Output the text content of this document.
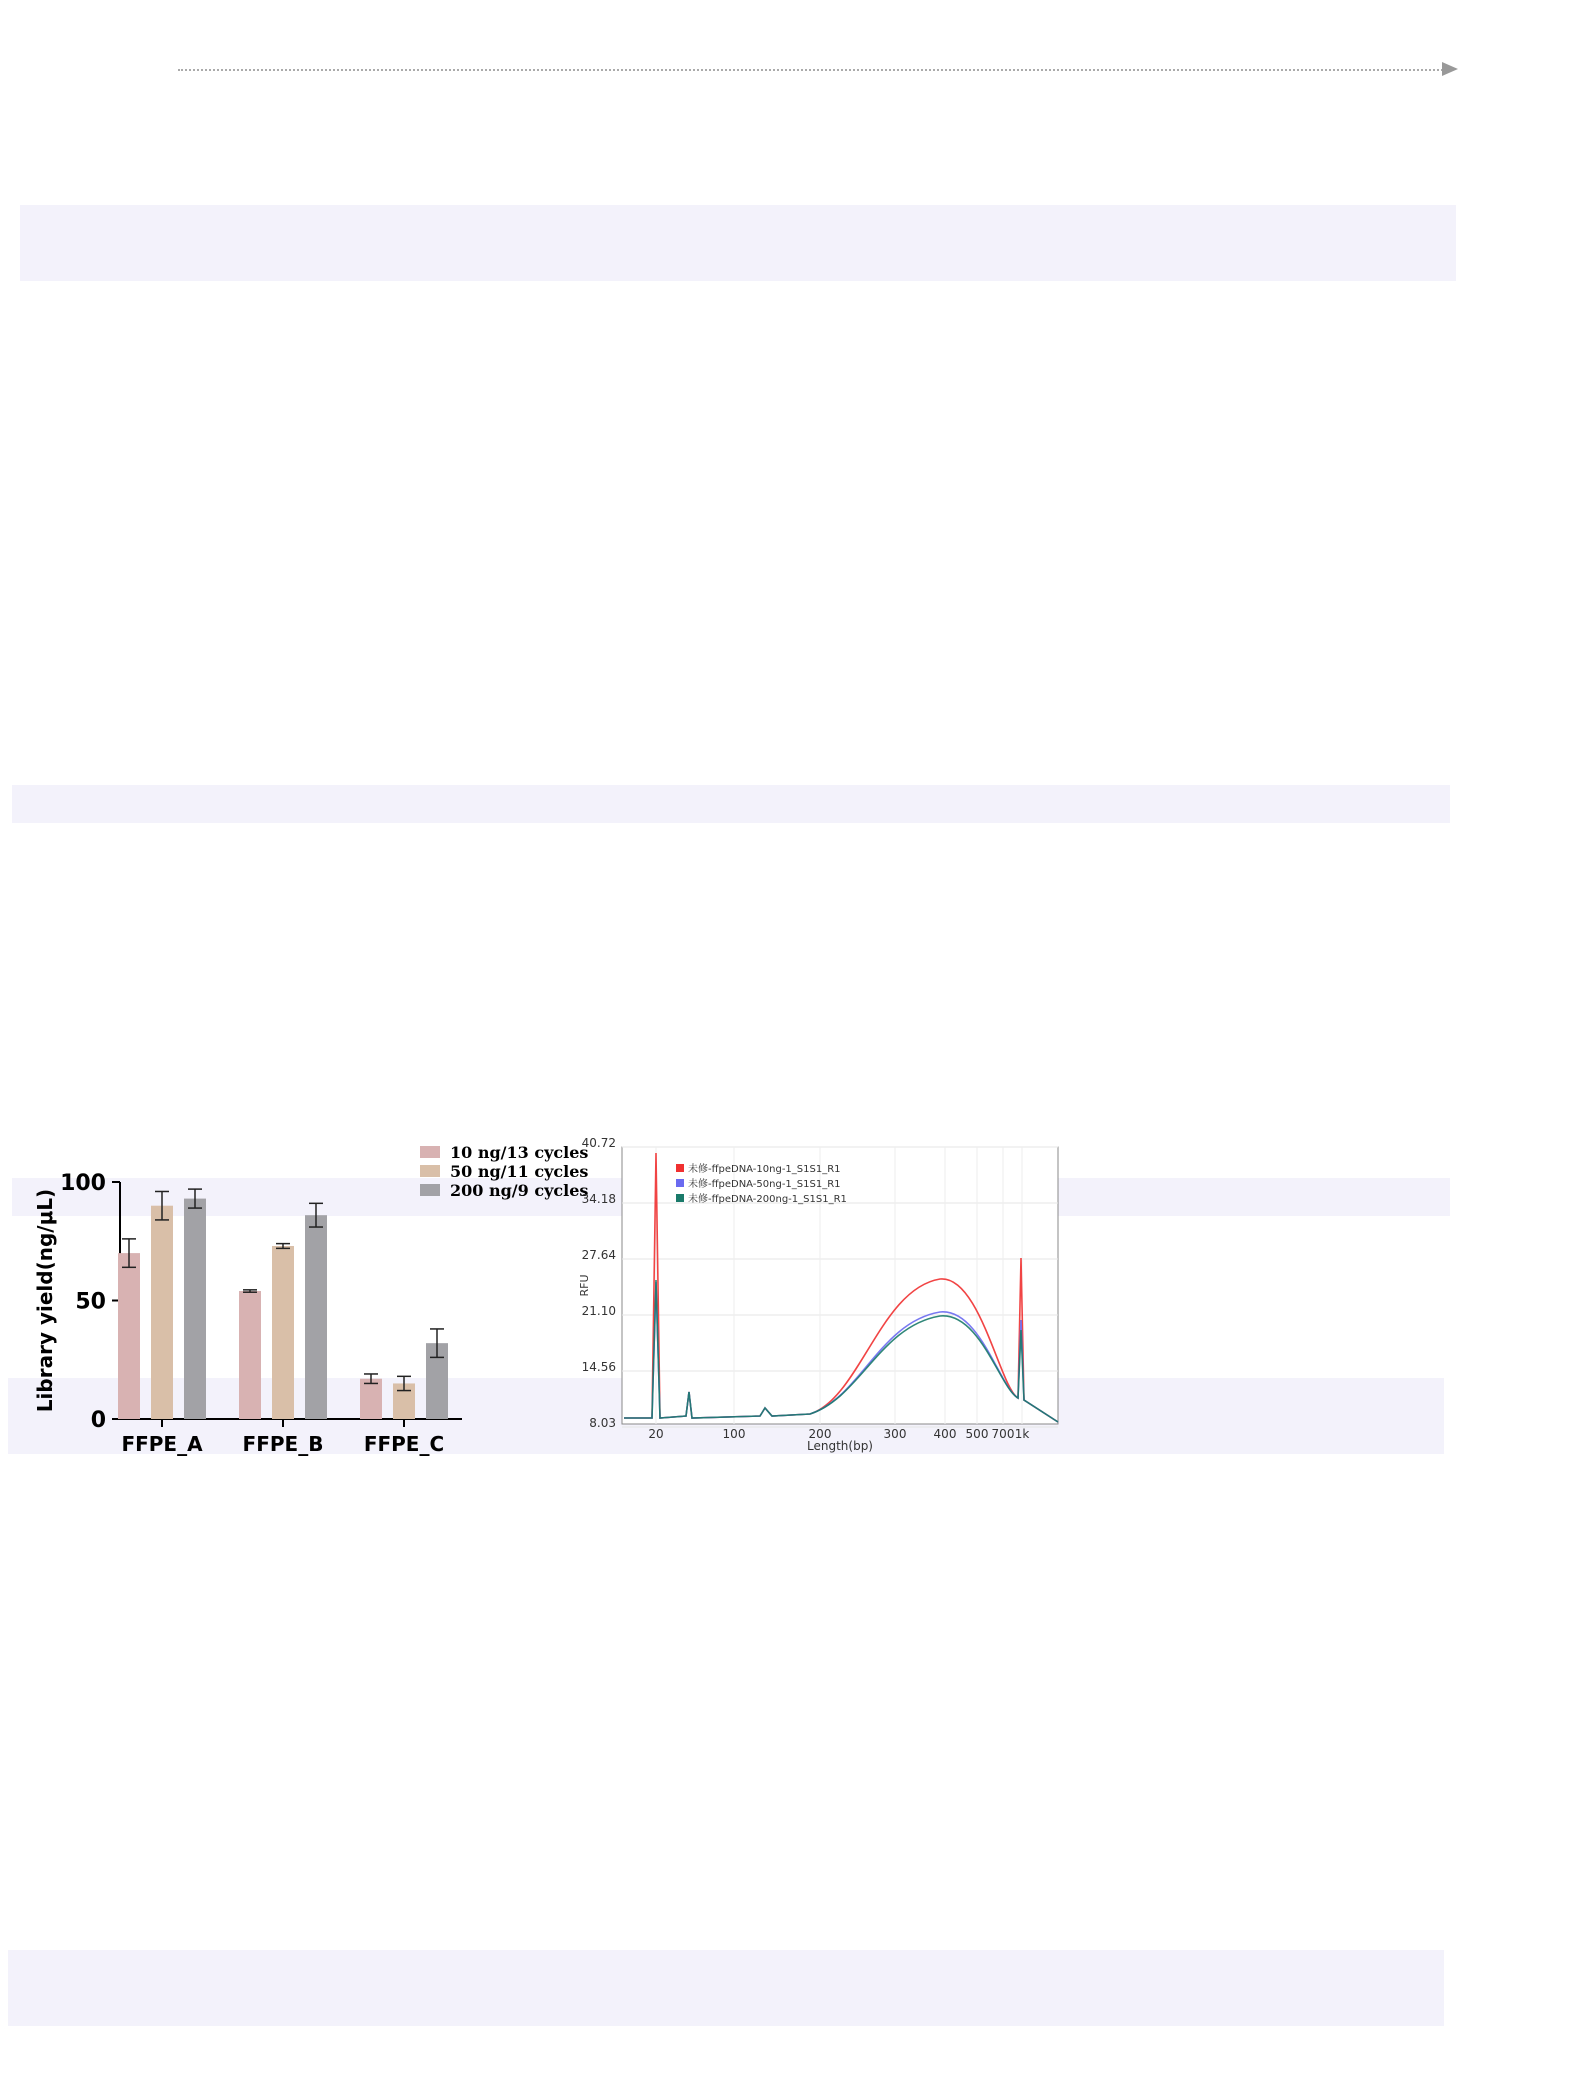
0
50
100
Library yield(ng/μL)
FFPE_A FFPE_B FFPE_C
10 ng/13 cycles
50 ng/11 cycles
200 ng/9 cycles
40.72
34.18
27.64
21.10
14.56
8.03
RFU
20	100	200	300 400 500 700 1k
Length(bp)
未修-ffpeDNA-10ng-1_S1S1_R1
未修-ffpeDNA-50ng-1_S1S1_R1
未修-ffpeDNA-200ng-1_S1S1_R1
